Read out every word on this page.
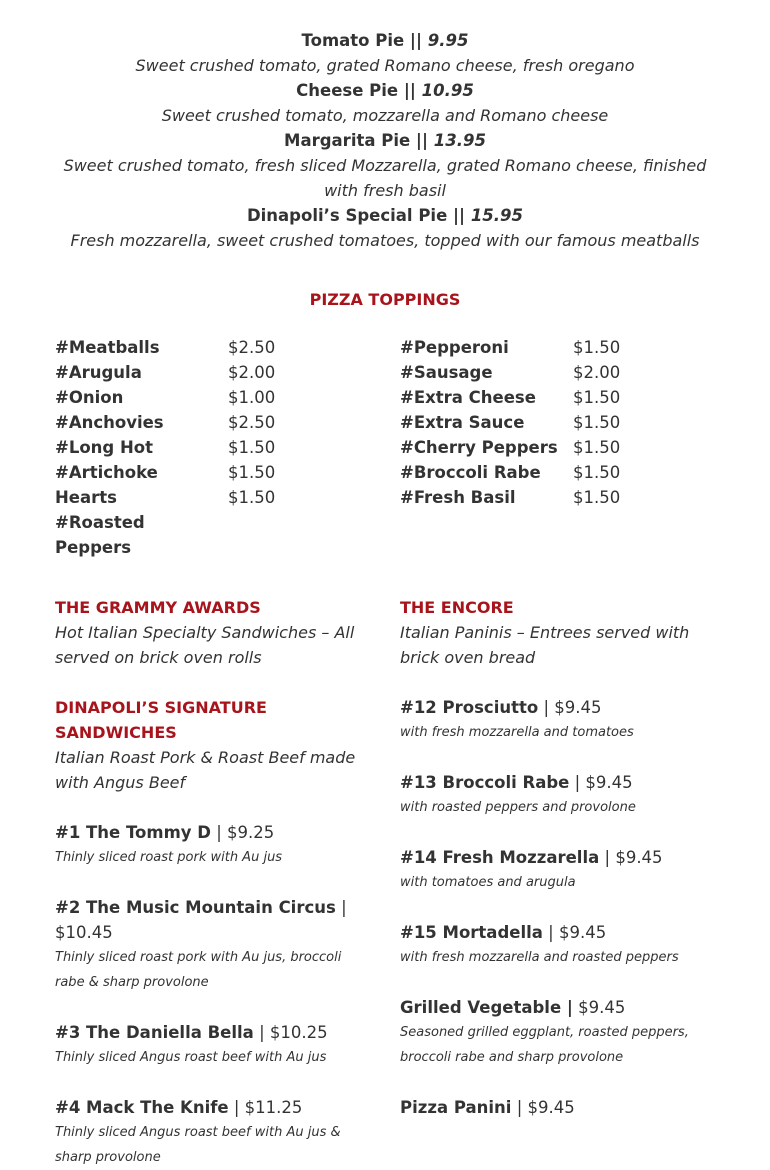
Tomato Pie || 9.95
Sweet crushed tomato, grated Romano cheese, fresh oregano
Cheese Pie || 10.95
Sweet crushed tomato, mozzarella and Romano cheese
Margarita Pie || 13.95
Sweet crushed tomato, fresh sliced Mozzarella, grated Romano cheese, finished with fresh basil
Dinapoli’s Special Pie || 15.95
Fresh mozzarella, sweet crushed tomatoes, topped with our famous meatballs
PIZZA TOPPINGS
#Meatballs	$2.50
#Arugula	$2.00
#Onion	$1.00
#Anchovies	$2.50
#Long Hot	$1.50
#Artichoke	$1.50
Hearts	$1.50
#Roasted
Peppers
#Pepperoni	$1.50
#Sausage	$2.00
#Extra Cheese	$1.50
#Extra Sauce	$1.50
#Cherry Peppers $1.50
#Broccoli Rabe	$1.50
#Fresh Basil	$1.50
THE GRAMMY AWARDS
Hot Italian Specialty Sandwiches – All served on brick oven rolls
DINAPOLI’S SIGNATURE SANDWICHES
Italian Roast Pork & Roast Beef made with Angus Beef
#1 The Tommy D | $9.25
Thinly sliced roast pork with Au jus
#2 The Music Mountain Circus | $10.45
Thinly sliced roast pork with Au jus, broccoli rabe & sharp provolone
#3 The Daniella Bella | $10.25
Thinly sliced Angus roast beef with Au jus
#4 Mack The Knife | $11.25
Thinly sliced Angus roast beef with Au jus & sharp provolone
THE ENCORE
Italian Paninis – Entrees served with brick oven bread
#12 Prosciutto | $9.45
with fresh mozzarella and tomatoes
#13 Broccoli Rabe | $9.45
with roasted peppers and provolone
#14 Fresh Mozzarella | $9.45
with tomatoes and arugula
#15 Mortadella | $9.45
with fresh mozzarella and roasted peppers
Grilled Vegetable | $9.45
Seasoned grilled eggplant, roasted peppers, broccoli rabe and sharp provolone
Pizza Panini | $9.45
